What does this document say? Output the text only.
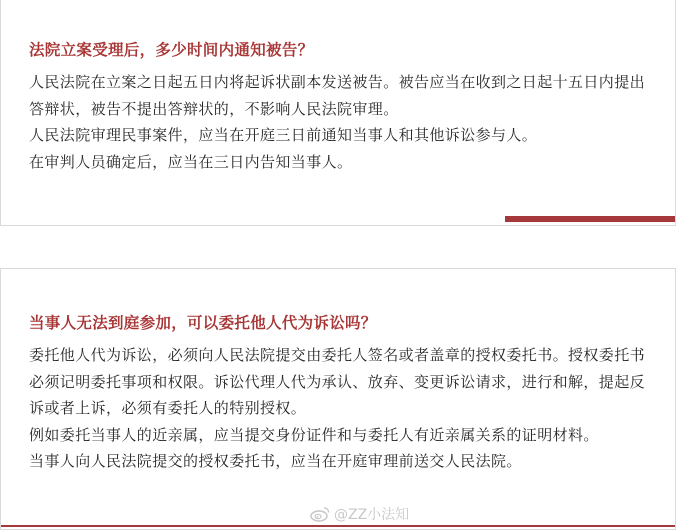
法院立案受理后，多少时间内通知被告？

人民法院在立案之日起五日内将起诉状副本发送被告。被告应当在收到之日起十五日内提出答辩状，被告不提出答辩状的，不影响人民法院审理。

人民法院审理民事案件，应当在开庭三日前通知当事人和其他诉讼参与人。

在审判人员确定后，应当在三日内告知当事人。

当事人无法到庭参加，可以委托他人代为诉讼吗？

委托他人代为诉讼，必须向人民法院提交由委托人签名或者盖章的授权委托书。授权委托书必须记明委托事项和权限。诉讼代理人代为承认、放弃、变更诉讼请求，进行和解，提起反诉或者上诉，必须有委托人的特别授权。

例如委托当事人的近亲属，应当提交身份证件和与委托人有近亲属关系的证明材料。

当事人向人民法院提交的授权委托书，应当在开庭审理前送交人民法院。

@ZZ小法知
